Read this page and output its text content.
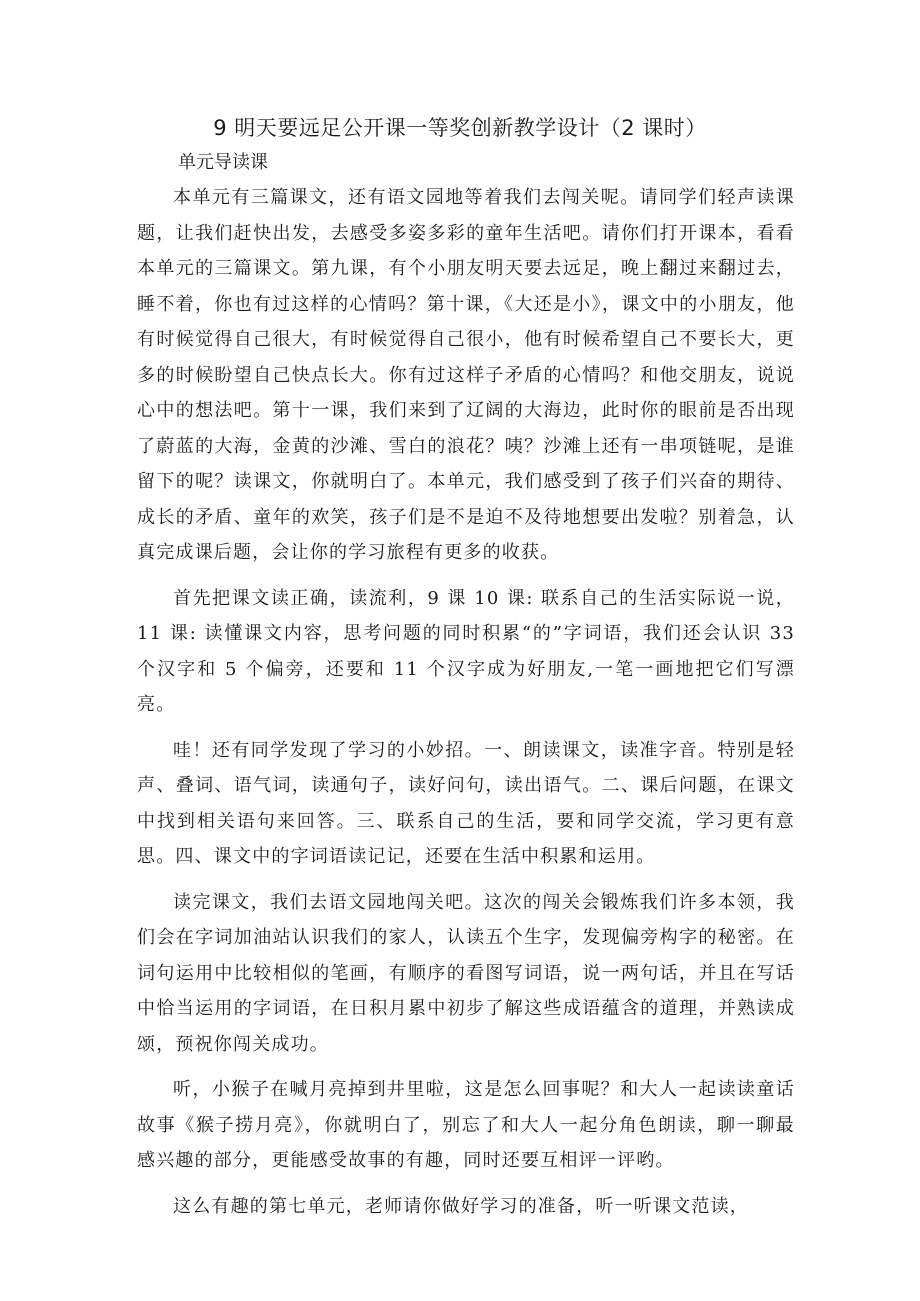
9 明天要远足公开课一等奖创新教学设计（2 课时）

单元导读课

本单元有三篇课文，还有语文园地等着我们去闯关呢。请同学们轻声读课题，让我们赶快出发，去感受多姿多彩的童年生活吧。请你们打开课本，看看本单元的三篇课文。第九课，有个小朋友明天要去远足，晚上翻过来翻过去，睡不着，你也有过这样的心情吗？第十课，《大还是小》，课文中的小朋友，他有时候觉得自己很大，有时候觉得自己很小，他有时候希望自己不要长大，更多的时候盼望自己快点长大。你有过这样子矛盾的心情吗？和他交朋友，说说心中的想法吧。第十一课，我们来到了辽阔的大海边，此时你的眼前是否出现了蔚蓝的大海，金黄的沙滩、雪白的浪花？咦？沙滩上还有一串项链呢，是谁留下的呢？读课文，你就明白了。本单元，我们感受到了孩子们兴奋的期待、成长的矛盾、童年的欢笑，孩子们是不是迫不及待地想要出发啦？别着急，认真完成课后题，会让你的学习旅程有更多的收获。

首先把课文读正确，读流利，9 课 10 课: 联系自己的生活实际说一说，11 课: 读懂课文内容，思考问题的同时积累“的”字词语，我们还会认识 33 个汉字和 5 个偏旁，还要和 11 个汉字成为好朋友,一笔一画地把它们写漂亮。

哇！还有同学发现了学习的小妙招。一、朗读课文，读准字音。特别是轻声、叠词、语气词，读通句子，读好问句，读出语气。二、课后问题，在课文中找到相关语句来回答。三、联系自己的生活，要和同学交流，学习更有意思。四、课文中的字词语读记记，还要在生活中积累和运用。

读完课文，我们去语文园地闯关吧。这次的闯关会锻炼我们许多本领，我们会在字词加油站认识我们的家人，认读五个生字，发现偏旁构字的秘密。在词句运用中比较相似的笔画，有顺序的看图写词语，说一两句话，并且在写话中恰当运用的字词语，在日积月累中初步了解这些成语蕴含的道理，并熟读成颂，预祝你闯关成功。

听，小猴子在喊月亮掉到井里啦，这是怎么回事呢？和大人一起读读童话故事《猴子捞月亮》，你就明白了，别忘了和大人一起分角色朗读，聊一聊最感兴趣的部分，更能感受故事的有趣，同时还要互相评一评哟。

这么有趣的第七单元，老师请你做好学习的准备，听一听课文范读，
